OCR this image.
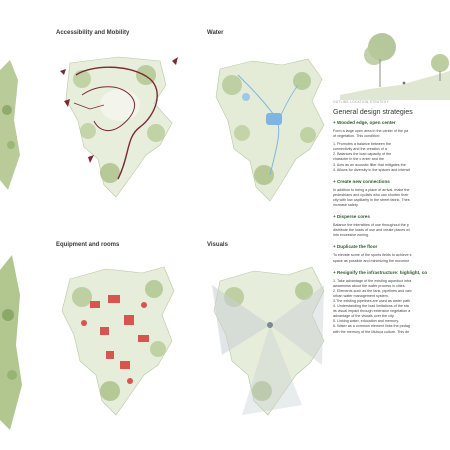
Accessibility and Mobility	Water
Equipment and rooms	Visuals
OUTLINE LOCATION STRATEGY
General design strategies
+ Wooded edge, open center
Form a large open area in the center of the pa
of vegetation. This condition:
1. Promotes a balance between the
connectivity and the creation of a
2. Balances the load capacity of the
character in the c enter and the
3. Acts as an acoustic filter that mitigates the
4. Allows for diversity in the spaces and intensit
+ Create new connections
In addition to being a place of arrival. make the
pedestrians and cyclists who can shorten their
city with low capillarity in the street fabric. Thes
increase safety.
+ Disperse cores
Balance the intensities of use throughout the p
distribute the loads of use and create places wi
into excessive zoning.
+ Duplicate the floor
To elevate some of the sports fields to achieve s
space as possible and minimizing the moveme
+ Resignify the infrastructure: highlight, co
1. Take advantage of the existing aqueduct infra
awareness about the water process in cities.
2. Elements such as the tank, pipelines and valv
urban water management system.
3.The existing pipelines are used as water path
4. Understanding the load limitations of the sta
its visual impact through extensive vegetation a
advantage of the visuals over the city.
5. Linking water, education and memory.
6. Water as a common element links the pedag
with the memory of the Muisca culture. This de
